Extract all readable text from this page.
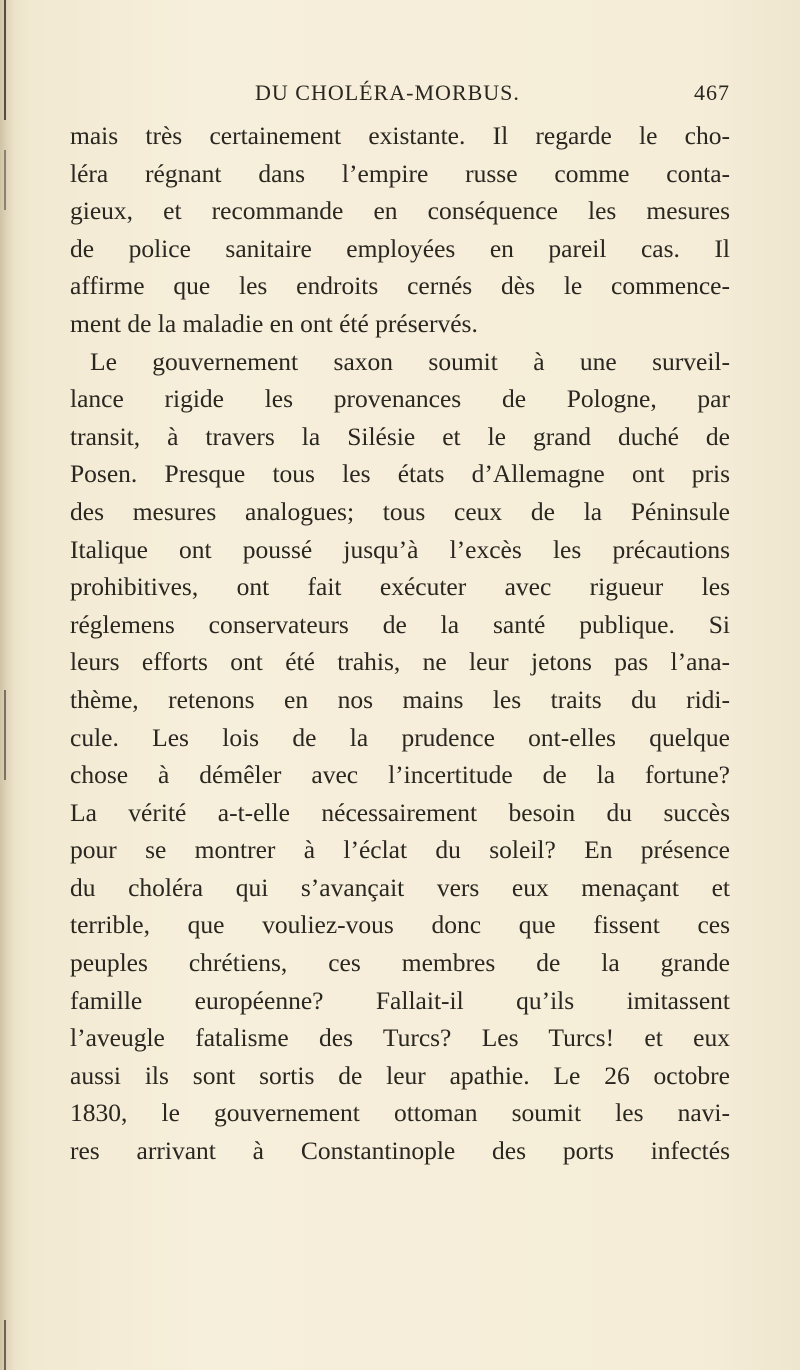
DU CHOLÉRA-MORBUS.	467
mais très certainement existante. Il regarde le cho-
léra régnant dans l’empire russe comme conta-
gieux, et recommande en conséquence les mesures
de police sanitaire employées en pareil cas. Il
affirme que les endroits cernés dès le commence-
ment de la maladie en ont été préservés.
Le gouvernement saxon soumit à une surveil-
lance rigide les provenances de Pologne, par
transit, à travers la Silésie et le grand duché de
Posen. Presque tous les états d’Allemagne ont pris
des mesures analogues; tous ceux de la Péninsule
Italique ont poussé jusqu’à l’excès les précautions
prohibitives, ont fait exécuter avec rigueur les
réglemens conservateurs de la santé publique. Si
leurs efforts ont été trahis, ne leur jetons pas l’ana-
thème, retenons en nos mains les traits du ridi-
cule. Les lois de la prudence ont-elles quelque
chose à démêler avec l’incertitude de la fortune?
La vérité a-t-elle nécessairement besoin du succès
pour se montrer à l’éclat du soleil? En présence
du choléra qui s’avançait vers eux menaçant et
terrible, que vouliez-vous donc que fissent ces
peuples chrétiens, ces membres de la grande
famille européenne? Fallait-il qu’ils imitassent
l’aveugle fatalisme des Turcs? Les Turcs! et eux
aussi ils sont sortis de leur apathie. Le 26 octobre
1830, le gouvernement ottoman soumit les navi-
res arrivant à Constantinople des ports infectés
